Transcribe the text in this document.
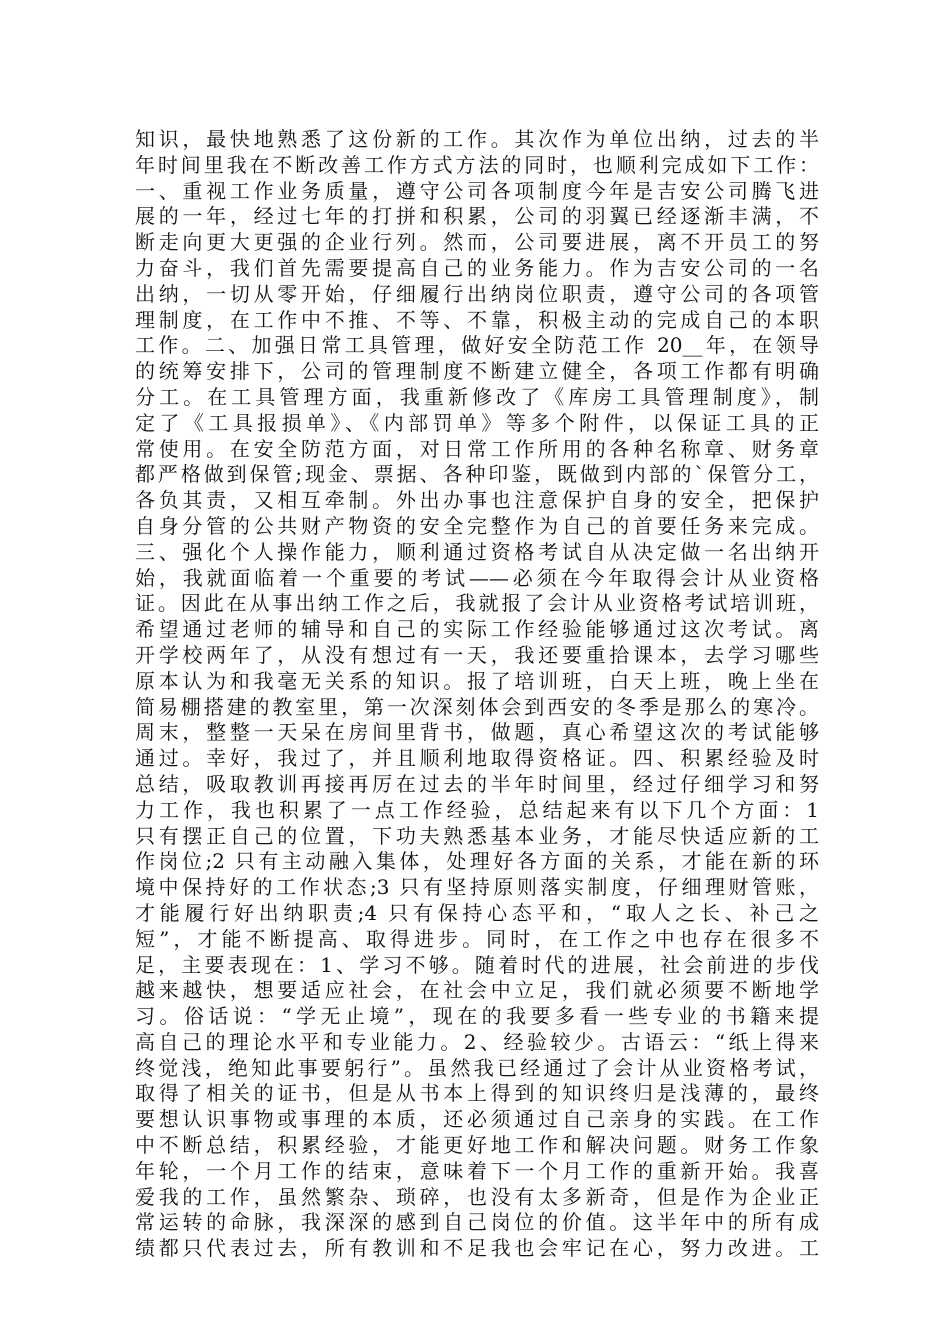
知识，最快地熟悉了这份新的工作。其次作为单位出纳，过去的半
年时间里我在不断改善工作方式方法的同时，也顺利完成如下工作：
一、重视工作业务质量，遵守公司各项制度今年是吉安公司腾飞进
展的一年，经过七年的打拼和积累，公司的羽翼已经逐渐丰满，不
断走向更大更强的企业行列。然而，公司要进展，离不开员工的努
力奋斗，我们首先需要提高自己的业务能力。作为吉安公司的一名
出纳，一切从零开始，仔细履行出纳岗位职责，遵守公司的各项管
理制度，在工作中不推、不等、不靠，积极主动的完成自己的本职
工作。二、加强日常工具管理，做好安全防范工作 20__年，在领导
的统筹安排下，公司的管理制度不断建立健全，各项工作都有明确
分工。在工具管理方面，我重新修改了《库房工具管理制度》，制
定了《工具报损单》、《内部罚单》等多个附件，以保证工具的正
常使用。在安全防范方面，对日常工作所用的各种名称章、财务章
都严格做到保管;现金、票据、各种印鉴，既做到内部的`保管分工，
各负其责，又相互牵制。外出办事也注意保护自身的安全，把保护
自身分管的公共财产物资的安全完整作为自己的首要任务来完成。
三、强化个人操作能力，顺利通过资格考试自从决定做一名出纳开
始，我就面临着一个重要的考试——必须在今年取得会计从业资格
证。因此在从事出纳工作之后，我就报了会计从业资格考试培训班，
希望通过老师的辅导和自己的实际工作经验能够通过这次考试。离
开学校两年了，从没有想过有一天，我还要重拾课本，去学习哪些
原本认为和我毫无关系的知识。报了培训班，白天上班，晚上坐在
简易棚搭建的教室里，第一次深刻体会到西安的冬季是那么的寒冷。
周末，整整一天呆在房间里背书，做题，真心希望这次的考试能够
通过。幸好，我过了，并且顺利地取得资格证。四、积累经验及时
总结，吸取教训再接再厉在过去的半年时间里，经过仔细学习和努
力工作，我也积累了一点工作经验，总结起来有以下几个方面：1
只有摆正自己的位置，下功夫熟悉基本业务，才能尽快适应新的工
作岗位;2 只有主动融入集体，处理好各方面的关系，才能在新的环
境中保持好的工作状态;3 只有坚持原则落实制度，仔细理财管账，
才能履行好出纳职责;4 只有保持心态平和，“取人之长、补己之
短”，才能不断提高、取得进步。同时，在工作之中也存在很多不
足，主要表现在：1、学习不够。随着时代的进展，社会前进的步伐
越来越快，想要适应社会，在社会中立足，我们就必须要不断地学
习。俗话说：“学无止境”，现在的我要多看一些专业的书籍来提
高自己的理论水平和专业能力。2、经验较少。古语云：“纸上得来
终觉浅，绝知此事要躬行”。虽然我已经通过了会计从业资格考试，
取得了相关的证书，但是从书本上得到的知识终归是浅薄的，最终
要想认识事物或事理的本质，还必须通过自己亲身的实践。在工作
中不断总结，积累经验，才能更好地工作和解决问题。财务工作象
年轮，一个月工作的结束，意味着下一个月工作的重新开始。我喜
爱我的工作，虽然繁杂、琐碎，也没有太多新奇，但是作为企业正
常运转的命脉，我深深的感到自己岗位的价值。这半年中的所有成
绩都只代表过去，所有教训和不足我也会牢记在心，努力改进。工
